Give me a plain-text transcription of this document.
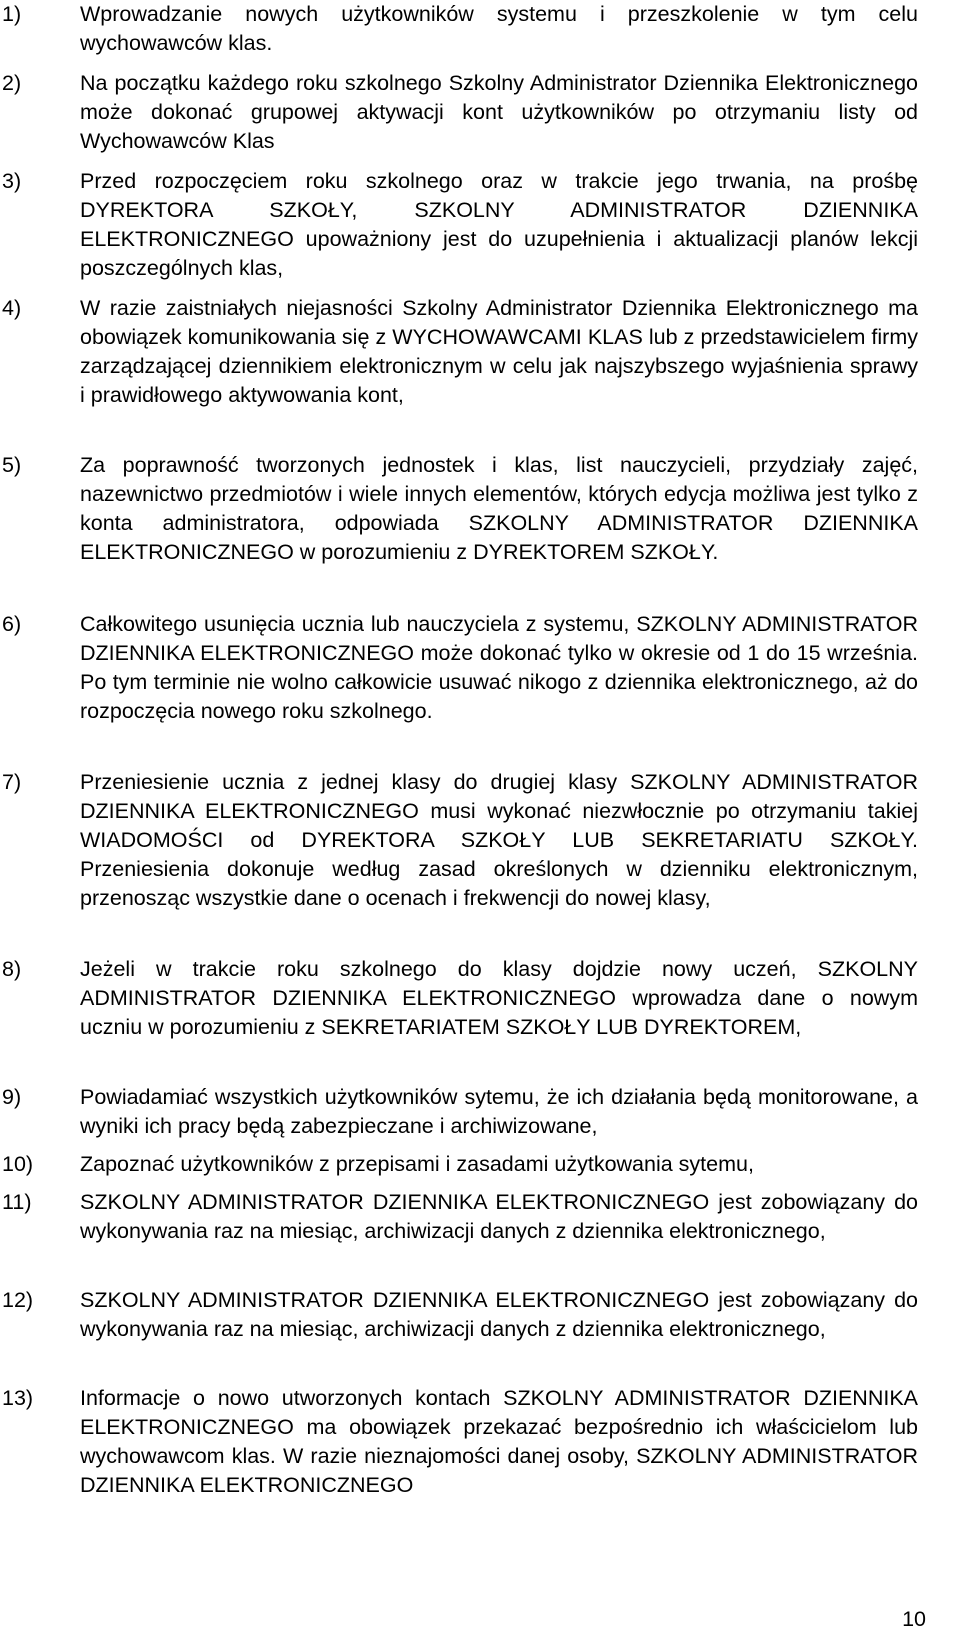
1)	Wprowadzanie nowych użytkowników systemu i przeszkolenie w tym celu wychowawców klas.
2)	Na początku każdego roku szkolnego Szkolny Administrator Dziennika Elektronicznego może dokonać grupowej aktywacji kont użytkowników po otrzymaniu listy od Wychowawców Klas
3)	Przed rozpoczęciem roku szkolnego oraz w trakcie jego trwania, na prośbę DYREKTORA SZKOŁY, SZKOLNY ADMINISTRATOR DZIENNIKA ELEKTRONICZNEGO upoważniony jest do uzupełnienia i aktualizacji planów lekcji poszczególnych klas,
4)	W razie zaistniałych niejasności Szkolny Administrator Dziennika Elektronicznego ma obowiązek komunikowania się z WYCHOWAWCAMI KLAS lub z przedstawicielem firmy zarządzającej dziennikiem elektronicznym w celu jak najszybszego wyjaśnienia sprawy i prawidłowego aktywowania kont,
5)	Za poprawność tworzonych jednostek i klas, list nauczycieli, przydziały zajęć, nazewnictwo przedmiotów i wiele innych elementów, których edycja możliwa jest tylko z konta administratora, odpowiada SZKOLNY ADMINISTRATOR DZIENNIKA ELEKTRONICZNEGO w porozumieniu z DYREKTOREM SZKOŁY.
6)	Całkowitego usunięcia ucznia lub nauczyciela z systemu, SZKOLNY ADMINISTRATOR DZIENNIKA ELEKTRONICZNEGO może dokonać tylko w okresie od 1 do 15 września. Po tym terminie nie wolno całkowicie usuwać nikogo z dziennika elektronicznego, aż do rozpoczęcia nowego roku szkolnego.
7)	Przeniesienie ucznia z jednej klasy do drugiej klasy SZKOLNY ADMINISTRATOR DZIENNIKA ELEKTRONICZNEGO musi wykonać niezwłocznie po otrzymaniu takiej WIADOMOŚCI od DYREKTORA SZKOŁY LUB SEKRETARIATU SZKOŁY. Przeniesienia dokonuje według zasad określonych w dzienniku elektronicznym, przenosząc wszystkie dane o ocenach i frekwencji do nowej klasy,
8)	Jeżeli w trakcie roku szkolnego do klasy dojdzie nowy uczeń, SZKOLNY ADMINISTRATOR DZIENNIKA ELEKTRONICZNEGO wprowadza dane o nowym uczniu w porozumieniu z SEKRETARIATEM SZKOŁY LUB DYREKTOREM,
9)	Powiadamiać wszystkich użytkowników sytemu, że ich działania będą monitorowane, a wyniki ich pracy będą zabezpieczane i archiwizowane,
10)	Zapoznać użytkowników z przepisami i zasadami użytkowania sytemu,
11)	SZKOLNY ADMINISTRATOR DZIENNIKA ELEKTRONICZNEGO jest zobowiązany do wykonywania raz na miesiąc, archiwizacji danych z dziennika elektronicznego,
12)	SZKOLNY ADMINISTRATOR DZIENNIKA ELEKTRONICZNEGO jest zobowiązany do wykonywania raz na miesiąc, archiwizacji danych z dziennika elektronicznego,
13)	Informacje o nowo utworzonych kontach SZKOLNY ADMINISTRATOR DZIENNIKA ELEKTRONICZNEGO ma obowiązek przekazać bezpośrednio ich właścicielom lub wychowawcom klas. W razie nieznajomości danej osoby, SZKOLNY ADMINISTRATOR DZIENNIKA ELEKTRONICZNEGO
10
